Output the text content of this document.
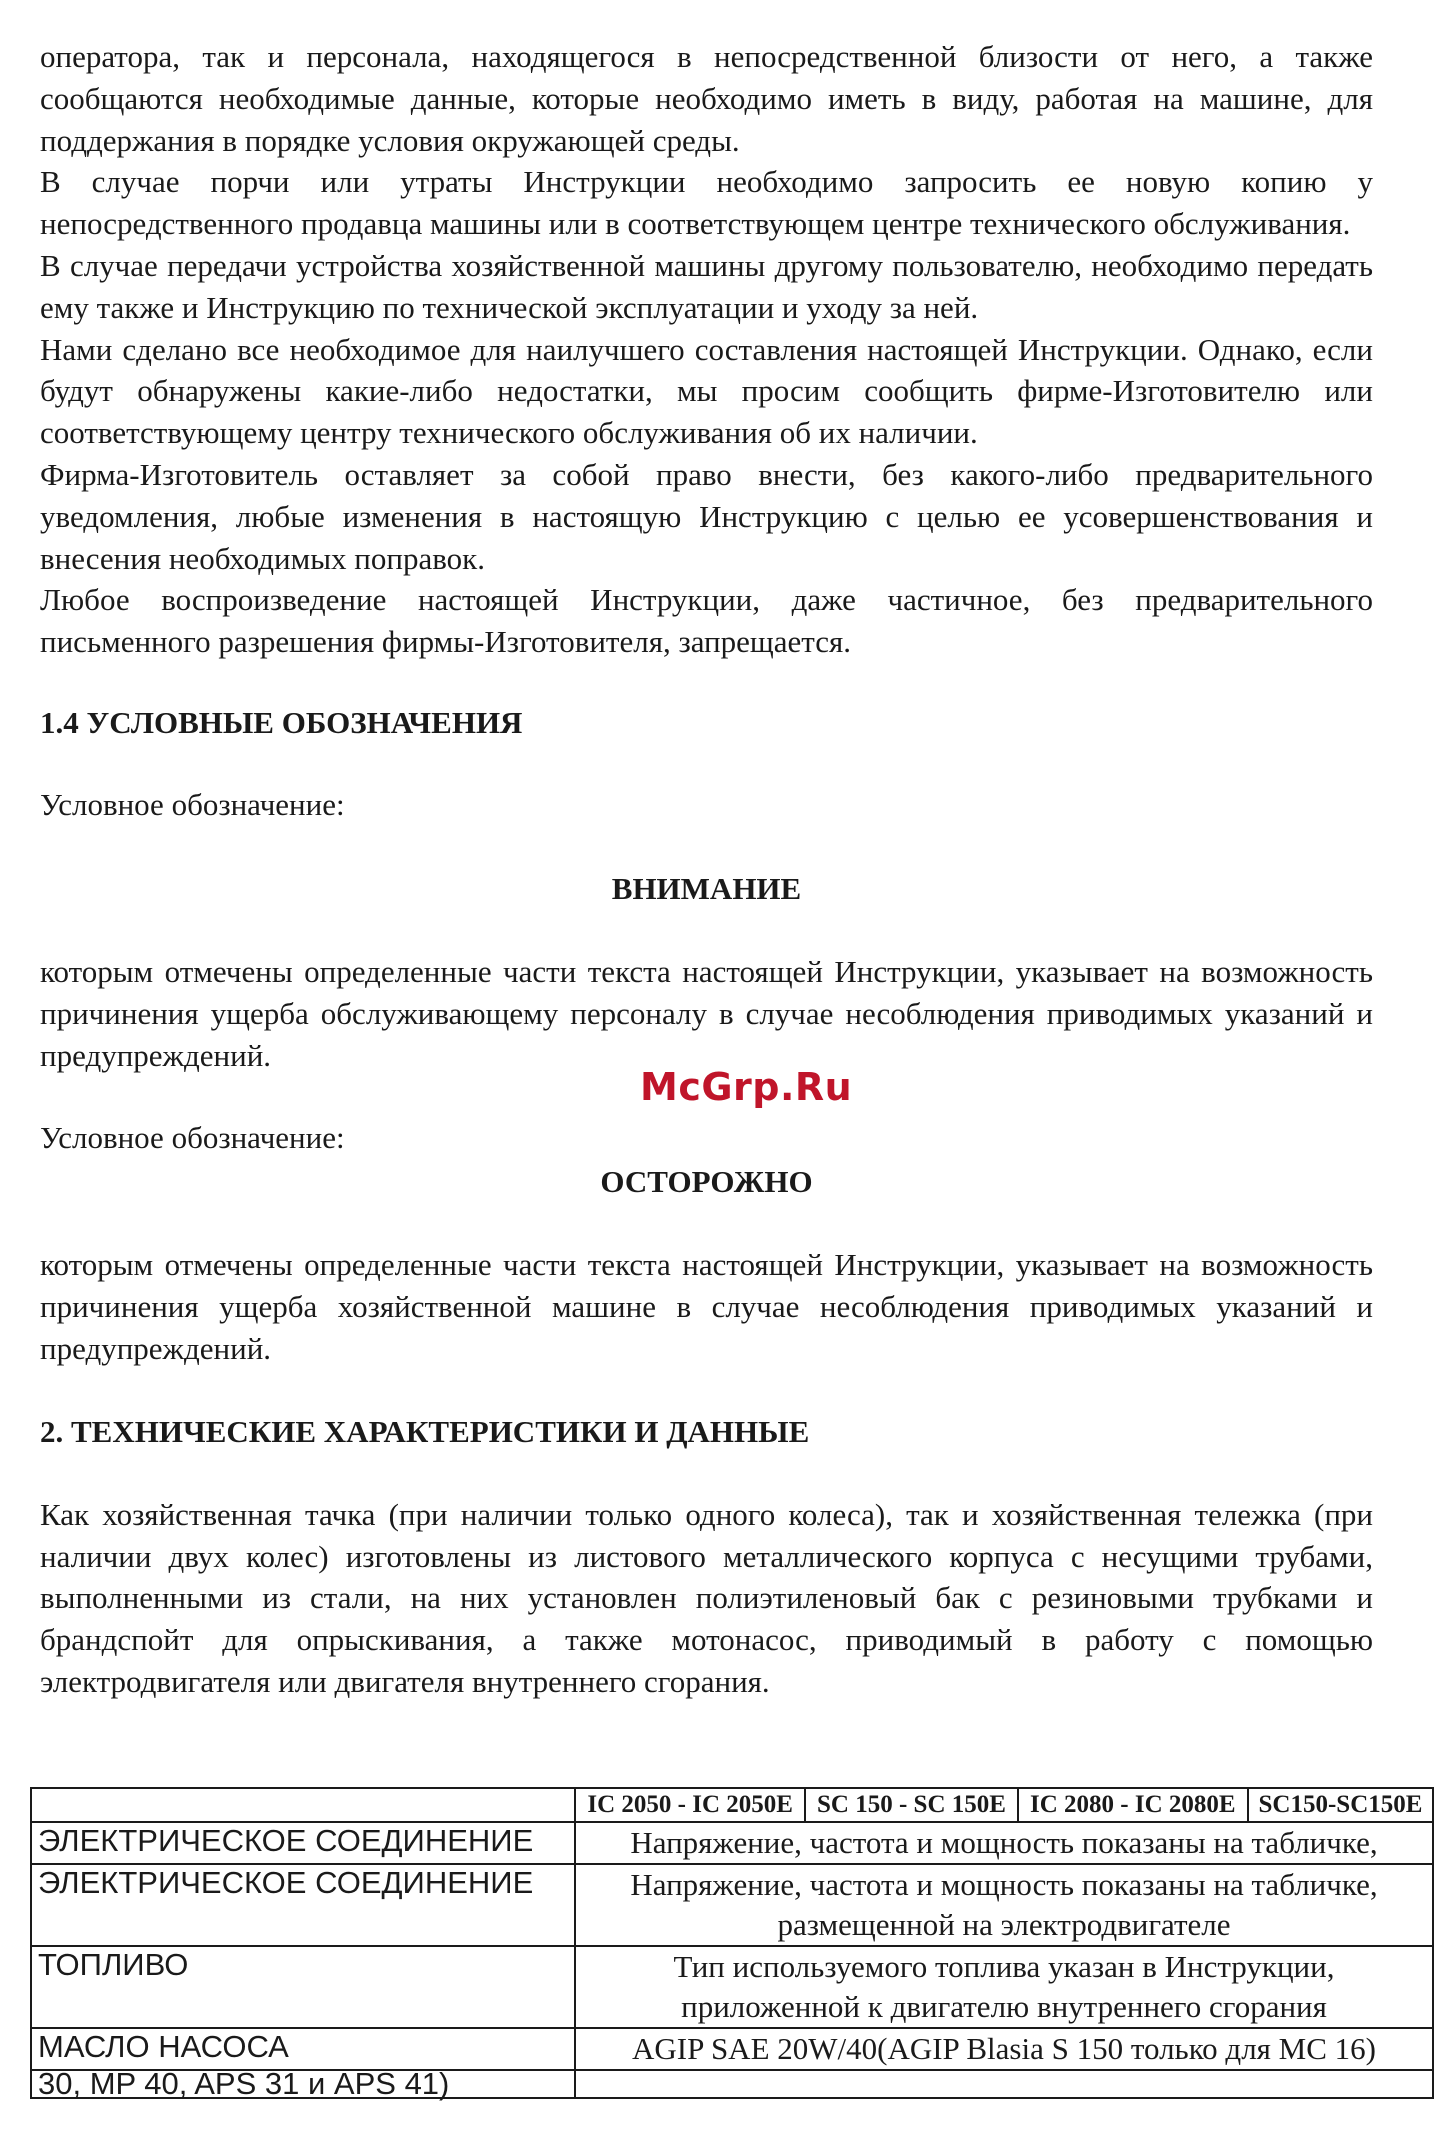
оператора, так и персонала, находящегося в непосредственной близости от него, а также сообщаются необходимые данные, которые необходимо иметь в виду, работая на машине, для поддержания в порядке условия окружающей среды.

В случае порчи или утраты Инструкции необходимо запросить ее новую копию у непосредственного продавца машины или в соответствующем центре технического обслуживания.

В случае передачи устройства хозяйственной машины другому пользователю, необходимо передать ему также и Инструкцию по технической эксплуатации и уходу за ней.

Нами сделано все необходимое для наилучшего составления настоящей Инструкции. Однако, если будут обнаружены какие-либо недостатки, мы просим сообщить фирме-Изготовителю или соответствующему центру технического обслуживания об их наличии.

Фирма-Изготовитель оставляет за собой право внести, без какого-либо предварительного уведомления, любые изменения в настоящую Инструкцию с целью ее усовершенствования и внесения необходимых поправок.

Любое воспроизведение настоящей Инструкции, даже частичное, без предварительного письменного разрешения фирмы-Изготовителя, запрещается.

1.4 УСЛОВНЫЕ ОБОЗНАЧЕНИЯ

Условное обозначение:

ВНИМАНИЕ

которым отмечены определенные части текста настоящей Инструкции, указывает на возможность причинения ущерба обслуживающему персоналу в случае несоблюдения приводимых указаний и предупреждений.

Условное обозначение:

ОСТОРОЖНО

которым отмечены определенные части текста настоящей Инструкции, указывает на возможность причинения ущерба хозяйственной машине в случае несоблюдения приводимых указаний и предупреждений.

2. ТЕХНИЧЕСКИЕ ХАРАКТЕРИСТИКИ И ДАННЫЕ

Как хозяйственная тачка (при наличии только одного колеса), так и хозяйственная тележка (при наличии двух колес) изготовлены из листового металлического корпуса с несущими трубами, выполненными из стали, на них установлен полиэтиленовый бак с резиновыми трубками и брандспойт для опрыскивания, а также мотонасос, приводимый в работу с помощью электродвигателя или двигателя внутреннего сгорания.

McGrp.Ru
	IC 2050 - IC 2050E	SC 150 - SC 150E	IC 2080 - IC 2080E	SC150-SC150E
ЭЛЕКТРИЧЕСКОЕ СОЕДИНЕНИЕ	Напряжение, частота и мощность показаны на табличке,			
ЭЛЕКТРИЧЕСКОЕ СОЕДИНЕНИЕ	Напряжение, частота и мощность показаны на табличке, размещенной на электродвигателе			
ТОПЛИВО	Тип используемого топлива указан в Инструкции, приложенной к двигателю внутреннего сгорания			
МАСЛО НАСОСА	AGIP SAE 20W/40(AGIP Blasia S 150 только для МС 16)			
30, MP 40, APS 31 и APS 41)				
